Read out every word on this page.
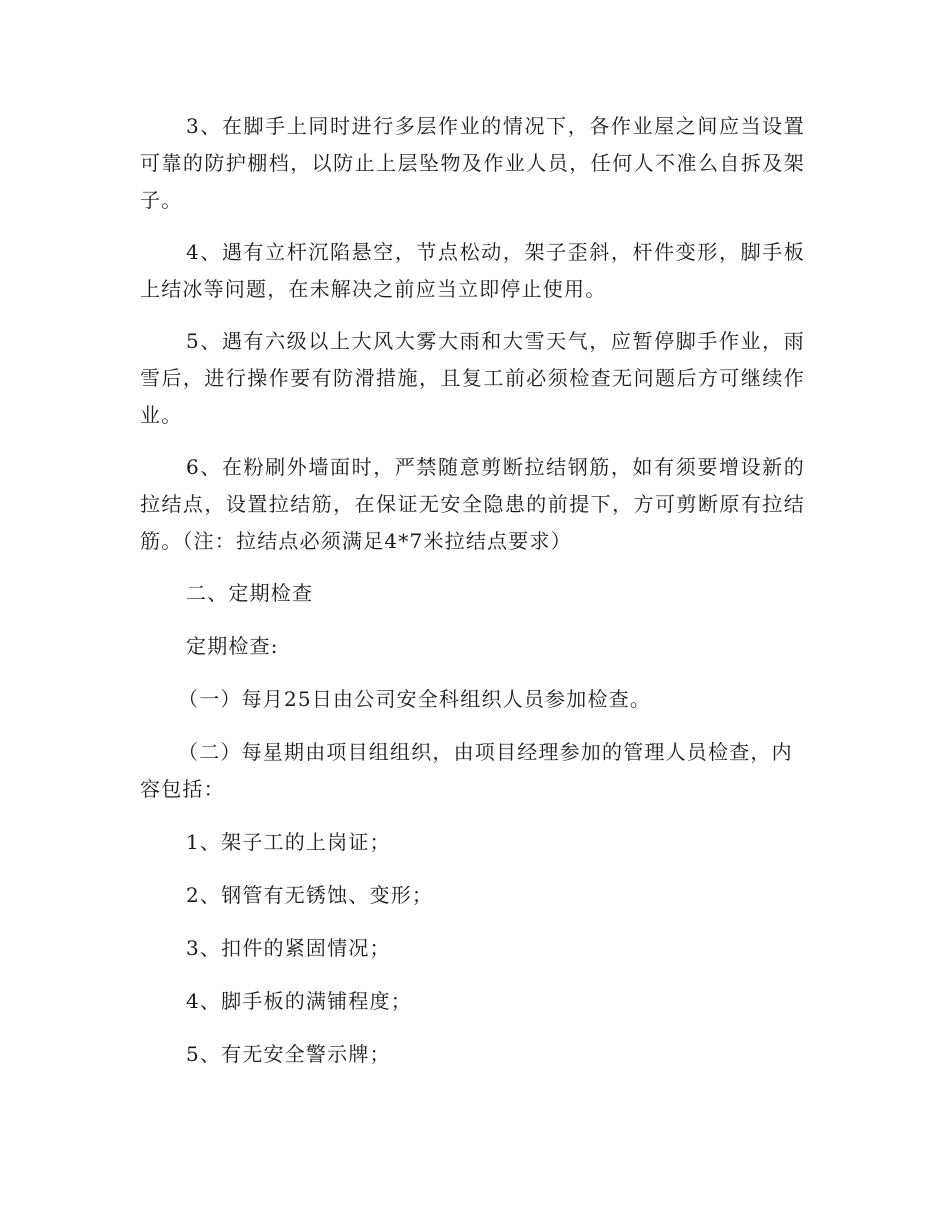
3、在脚手上同时进行多层作业的情况下，各作业屋之间应当设置可靠的防护棚档，以防止上层坠物及作业人员，任何人不准么自拆及架子。

4、遇有立杆沉陷悬空，节点松动，架子歪斜，杆件变形，脚手板上结冰等问题，在未解决之前应当立即停止使用。

5、遇有六级以上大风大雾大雨和大雪天气，应暂停脚手作业，雨雪后，进行操作要有防滑措施，且复工前必须检查无问题后方可继续作业。

6、在粉刷外墙面时，严禁随意剪断拉结钢筋，如有须要增设新的拉结点，设置拉结筋，在保证无安全隐患的前提下，方可剪断原有拉结筋。（注：拉结点必须满足4*7米拉结点要求）

二、定期检查

定期检查:

（一）每月25日由公司安全科组织人员参加检查。

（二）每星期由项目组组织，由项目经理参加的管理人员检查，内容包括：

1、架子工的上岗证；

2、钢管有无锈蚀、变形；

3、扣件的紧固情况；

4、脚手板的满铺程度；

5、有无安全警示牌；
